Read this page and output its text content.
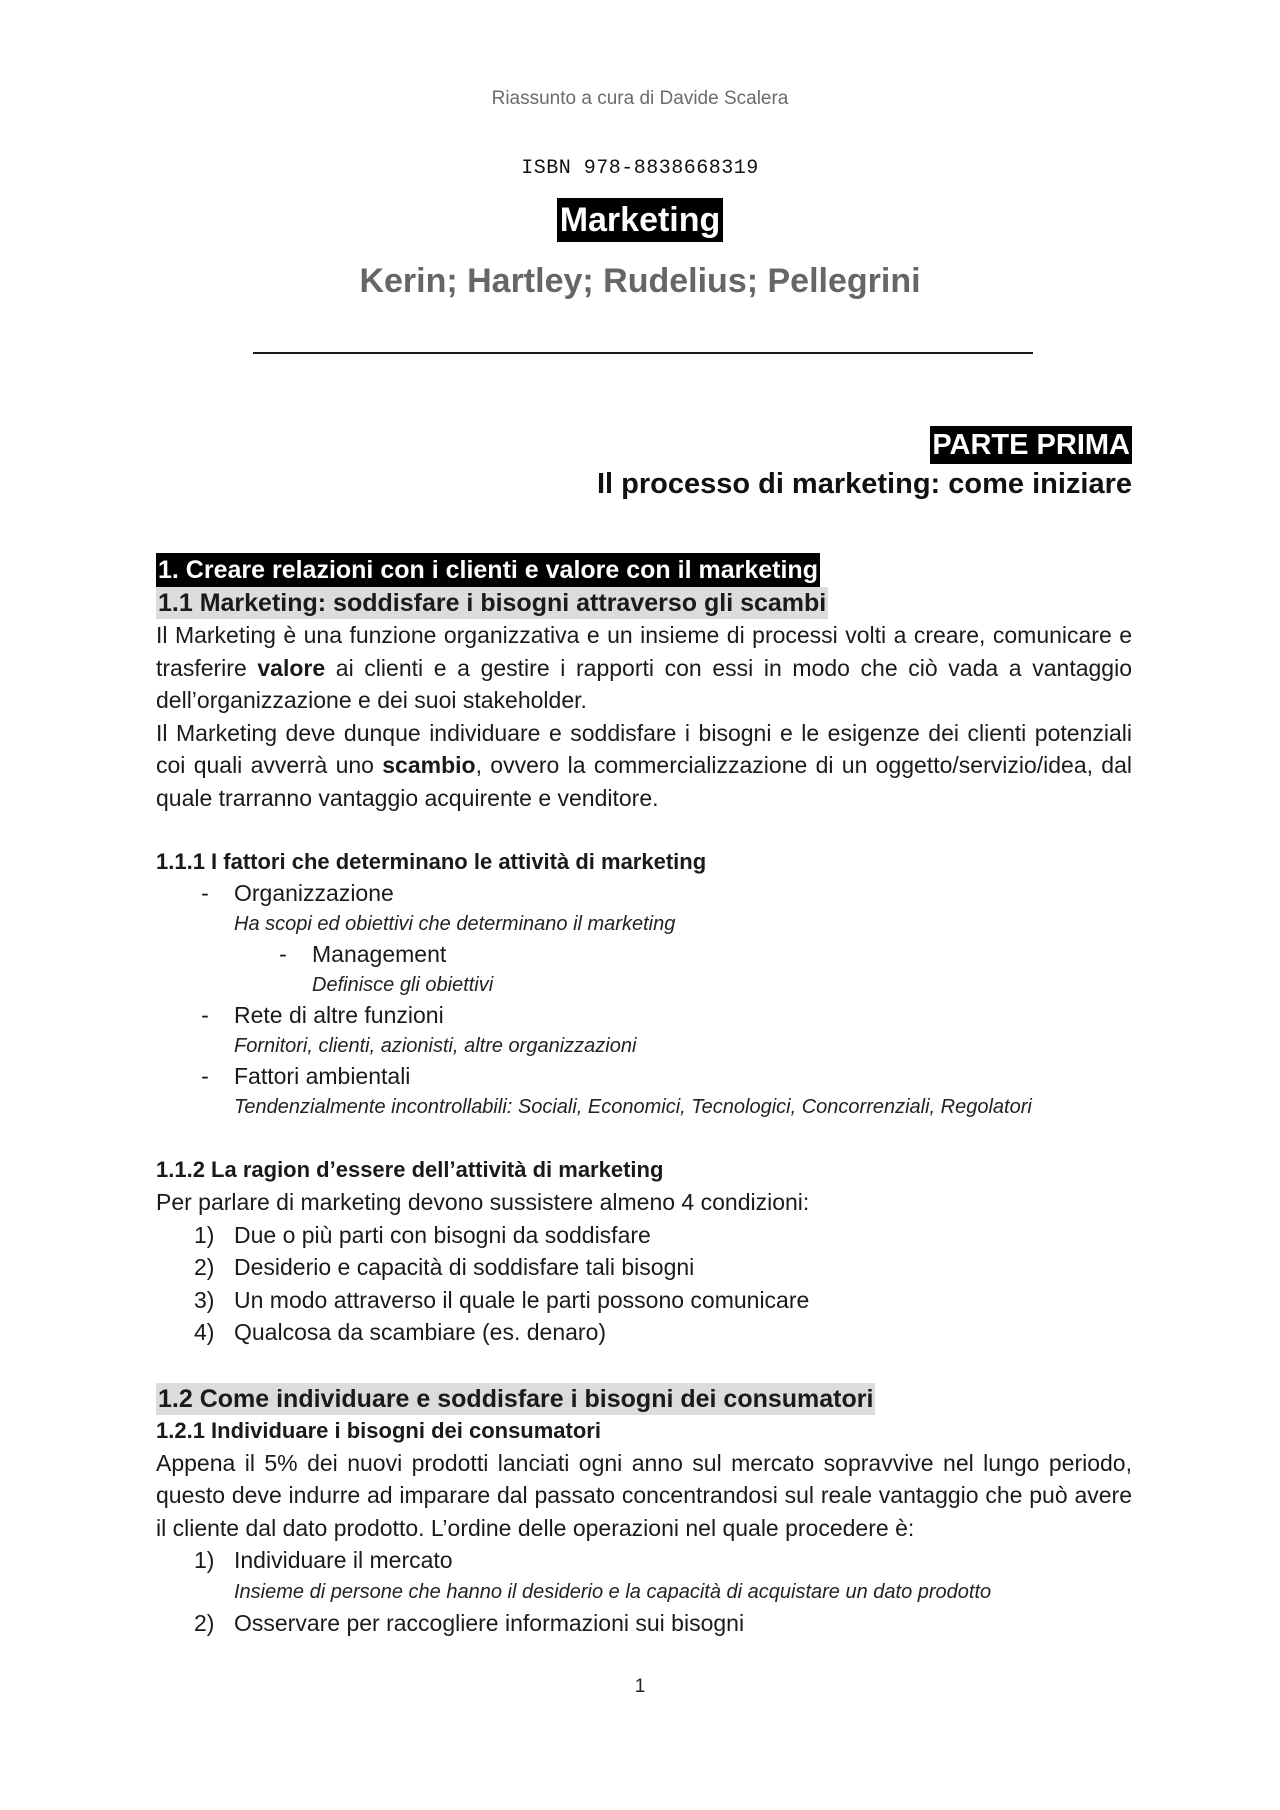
Riassunto a cura di Davide Scalera
ISBN 978-8838668319
Marketing
Kerin; Hartley; Rudelius; Pellegrini
PARTE PRIMA
Il processo di marketing: come iniziare
1. Creare relazioni con i clienti e valore con il marketing
1.1 Marketing: soddisfare i bisogni attraverso gli scambi
Il Marketing è una funzione organizzativa e un insieme di processi volti a creare, comunicare e trasferire valore ai clienti e a gestire i rapporti con essi in modo che ciò vada a vantaggio dell’organizzazione e dei suoi stakeholder.
Il Marketing deve dunque individuare e soddisfare i bisogni e le esigenze dei clienti potenziali coi quali avverrà uno scambio, ovvero la commercializzazione di un oggetto/servizio/idea, dal quale trarranno vantaggio acquirente e venditore.
1.1.1 I fattori che determinano le attività di marketing
-	Organizzazione
Ha scopi ed obiettivi che determinano il marketing
-	Management
Definisce gli obiettivi
-	Rete di altre funzioni
Fornitori, clienti, azionisti, altre organizzazioni
-	Fattori ambientali
Tendenzialmente incontrollabili: Sociali, Economici, Tecnologici, Concorrenziali, Regolatori
1.1.2 La ragion d’essere dell’attività di marketing
Per parlare di marketing devono sussistere almeno 4 condizioni:
1) Due o più parti con bisogni da soddisfare
2) Desiderio e capacità di soddisfare tali bisogni
3) Un modo attraverso il quale le parti possono comunicare
4) Qualcosa da scambiare (es. denaro)
1.2 Come individuare e soddisfare i bisogni dei consumatori
1.2.1 Individuare i bisogni dei consumatori
Appena il 5% dei nuovi prodotti lanciati ogni anno sul mercato sopravvive nel lungo periodo, questo deve indurre ad imparare dal passato concentrandosi sul reale vantaggio che può avere il cliente dal dato prodotto. L’ordine delle operazioni nel quale procedere è:
1) Individuare il mercato
Insieme di persone che hanno il desiderio e la capacità di acquistare un dato prodotto
2) Osservare per raccogliere informazioni sui bisogni
1
